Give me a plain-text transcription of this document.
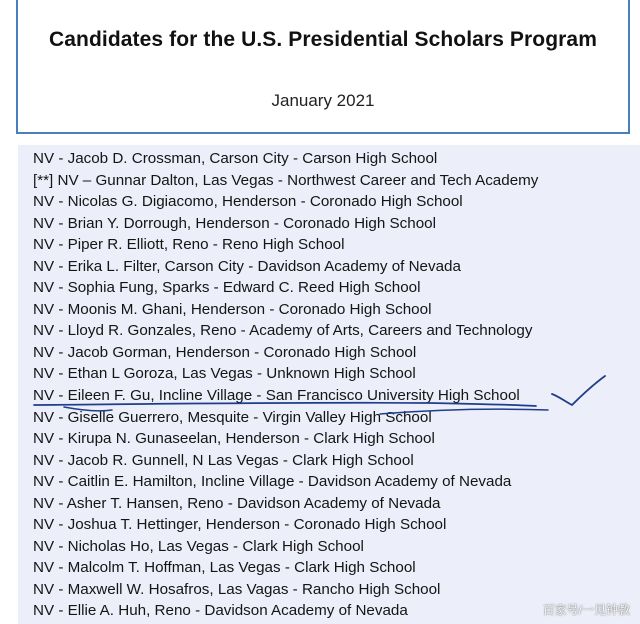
Candidates for the U.S. Presidential Scholars Program
January 2021
NV - Jacob D. Crossman, Carson City - Carson High School
[**] NV – Gunnar Dalton, Las Vegas - Northwest Career and Tech Academy
NV - Nicolas G. Digiacomo, Henderson - Coronado High School
NV - Brian Y. Dorrough, Henderson - Coronado High School
NV - Piper R. Elliott, Reno - Reno High School
NV - Erika L. Filter, Carson City - Davidson Academy of Nevada
NV - Sophia Fung, Sparks - Edward C. Reed High School
NV - Moonis M. Ghani, Henderson - Coronado High School
NV - Lloyd R. Gonzales, Reno - Academy of Arts, Careers and Technology
NV - Jacob Gorman, Henderson - Coronado High School
NV - Ethan L Goroza, Las Vegas - Unknown High School
NV - Eileen F. Gu, Incline Village - San Francisco University High School
NV - Giselle Guerrero, Mesquite - Virgin Valley High School
NV - Kirupa N. Gunaseelan, Henderson - Clark High School
NV - Jacob R. Gunnell, N Las Vegas - Clark High School
NV - Caitlin E. Hamilton, Incline Village - Davidson Academy of Nevada
NV - Asher T. Hansen, Reno - Davidson Academy of Nevada
NV - Joshua T. Hettinger, Henderson - Coronado High School
NV - Nicholas Ho, Las Vegas - Clark High School
NV - Malcolm T. Hoffman, Las Vegas - Clark High School
NV - Maxwell W. Hosafros, Las Vagas - Rancho High School
NV - Ellie A. Huh, Reno - Davidson Academy of Nevada	百家号/一见钟教
